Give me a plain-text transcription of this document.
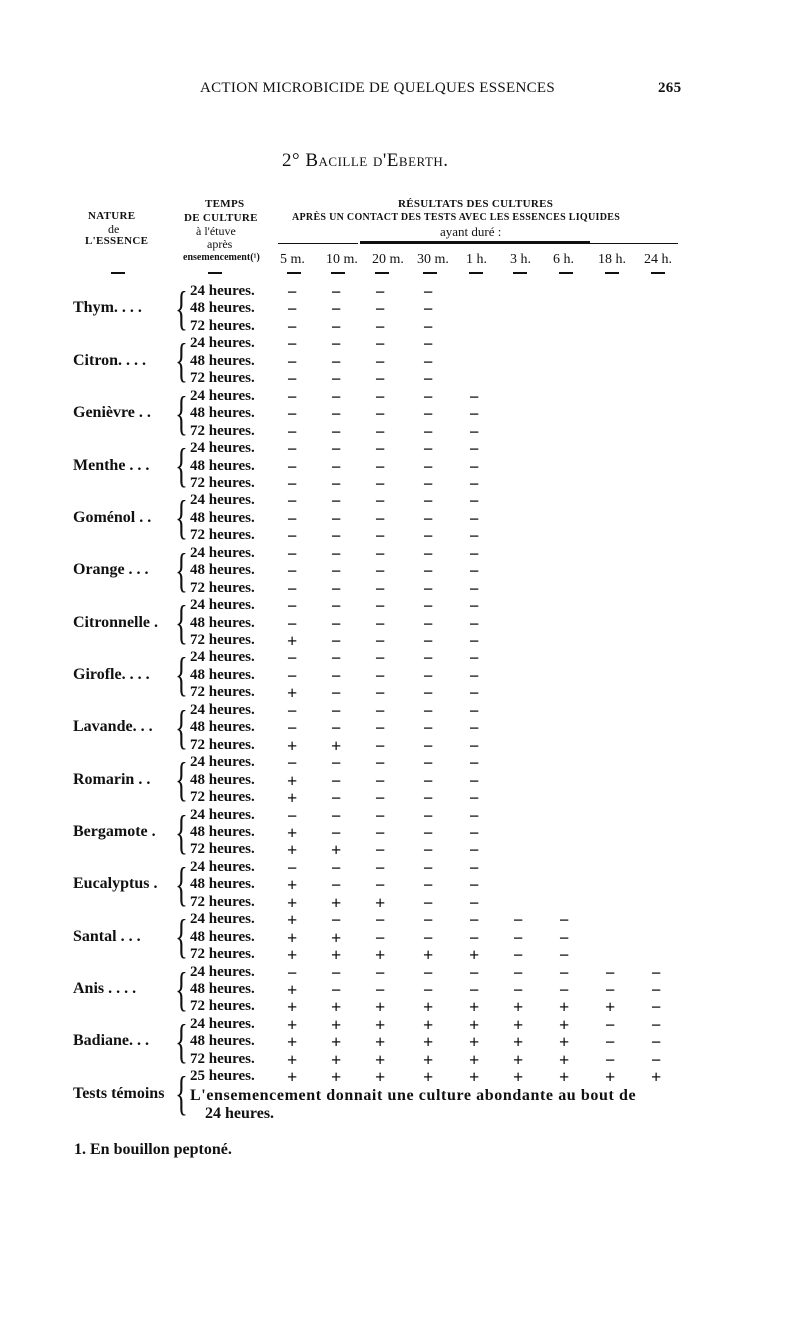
ACTION MICROBICIDE DE QUELQUES ESSENCES	265
2° Bacille d'Eberth.
NATURE
de
L'ESSENCE
TEMPS
DE CULTURE
à l'étuve
après
ensemencement(¹)
RÉSULTATS DES CULTURES
APRÈS UN CONTACT DES TESTS AVEC LES ESSENCES LIQUIDES
ayant duré :
5 m. 10 m. 20 m. 30 m. 1 h. 3 h. 6 h. 18 h. 24 h.
{
Thym. . . .
24 heures. − − − −
48 heures. − − − −
72 heures. − − − −
{
Citron. . . .
24 heures. − − − −
48 heures. − − − −
72 heures. − − − −
{
Genièvre . .
24 heures. − − − − −
48 heures. − − − − −
72 heures. − − − − −
{
Menthe . . .
24 heures. − − − − −
48 heures. − − − − −
72 heures. − − − − −
{
Goménol . .
24 heures. − − − − −
48 heures. − − − − −
72 heures. − − − − −
{
Orange . . .
24 heures. − − − − −
48 heures. − − − − −
72 heures. − − − − −
{
Citronnelle .
24 heures. − − − − −
48 heures. − − − − −
72 heures. + − − − −
{
Girofle. . . .
24 heures. − − − − −
48 heures. − − − − −
72 heures. + − − − −
{
Lavande. . .
24 heures. − − − − −
48 heures. − − − − −
72 heures. + + − − −
{
Romarin . .
24 heures. − − − − −
48 heures. + − − − −
72 heures. + − − − −
{
Bergamote .
24 heures. − − − − −
48 heures. + − − − −
72 heures. + + − − −
{
Eucalyptus .
24 heures. − − − − −
48 heures. + − − − −
72 heures. + + + − −
{
Santal . . .
24 heures. + − − − − − −
48 heures. + + − − − − −
72 heures. + + + + + − −
{
Anis . . . .
24 heures. − − − − − − − − −
48 heures. + − − − − − − − −
72 heures. + + + + + + + + −
{
Badiane. . .
24 heures. + + + + + + + − −
48 heures. + + + + + + + − −
72 heures. + + + + + + + − −
{
Tests témoins
25 heures. + + + + + + + + +
L'ensemencement donnait une culture abondante au bout de
24 heures.
1. En bouillon peptoné.
